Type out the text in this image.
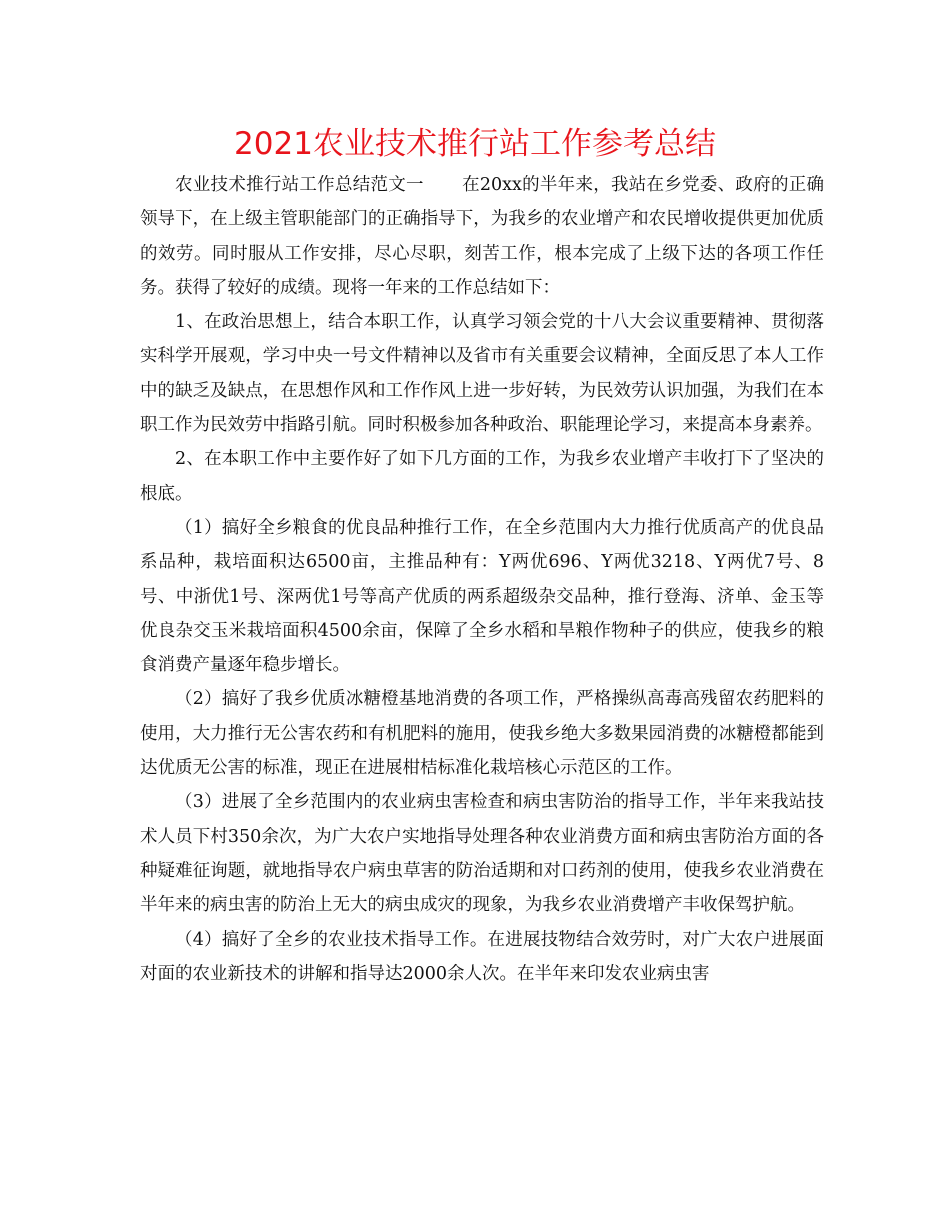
2021农业技术推行站工作参考总结

农业技术推行站工作总结范文一 在20xx的半年来，我站在乡党委、政府的正确领导下，在上级主管职能部门的正确指导下，为我乡的农业增产和农民增收提供更加优质的效劳。同时服从工作安排，尽心尽职，刻苦工作，根本完成了上级下达的各项工作任务。获得了较好的成绩。现将一年来的工作总结如下：

1、在政治思想上，结合本职工作，认真学习领会党的十八大会议重要精神、贯彻落实科学开展观，学习中央一号文件精神以及省市有关重要会议精神，全面反思了本人工作中的缺乏及缺点，在思想作风和工作作风上进一步好转，为民效劳认识加强，为我们在本职工作为民效劳中指路引航。同时积极参加各种政治、职能理论学习，来提高本身素养。

2、在本职工作中主要作好了如下几方面的工作，为我乡农业增产丰收打下了坚决的根底。

（1）搞好全乡粮食的优良品种推行工作，在全乡范围内大力推行优质高产的优良品系品种，栽培面积达6500亩，主推品种有：Y两优696、Y两优3218、Y两优7号、8号、中浙优1号、深两优1号等高产优质的两系超级杂交品种，推行登海、济单、金玉等优良杂交玉米栽培面积4500余亩，保障了全乡水稻和旱粮作物种子的供应，使我乡的粮食消费产量逐年稳步增长。

（2）搞好了我乡优质冰糖橙基地消费的各项工作，严格操纵高毒高残留农药肥料的使用，大力推行无公害农药和有机肥料的施用，使我乡绝大多数果园消费的冰糖橙都能到达优质无公害的标准，现正在进展柑桔标准化栽培核心示范区的工作。

（3）进展了全乡范围内的农业病虫害检查和病虫害防治的指导工作，半年来我站技术人员下村350余次，为广大农户实地指导处理各种农业消费方面和病虫害防治方面的各种疑难征询题，就地指导农户病虫草害的防治适期和对口药剂的使用，使我乡农业消费在半年来的病虫害的防治上无大的病虫成灾的现象，为我乡农业消费增产丰收保驾护航。

（4）搞好了全乡的农业技术指导工作。在进展技物结合效劳时，对广大农户进展面对面的农业新技术的讲解和指导达2000余人次。在半年来印发农业病虫害
